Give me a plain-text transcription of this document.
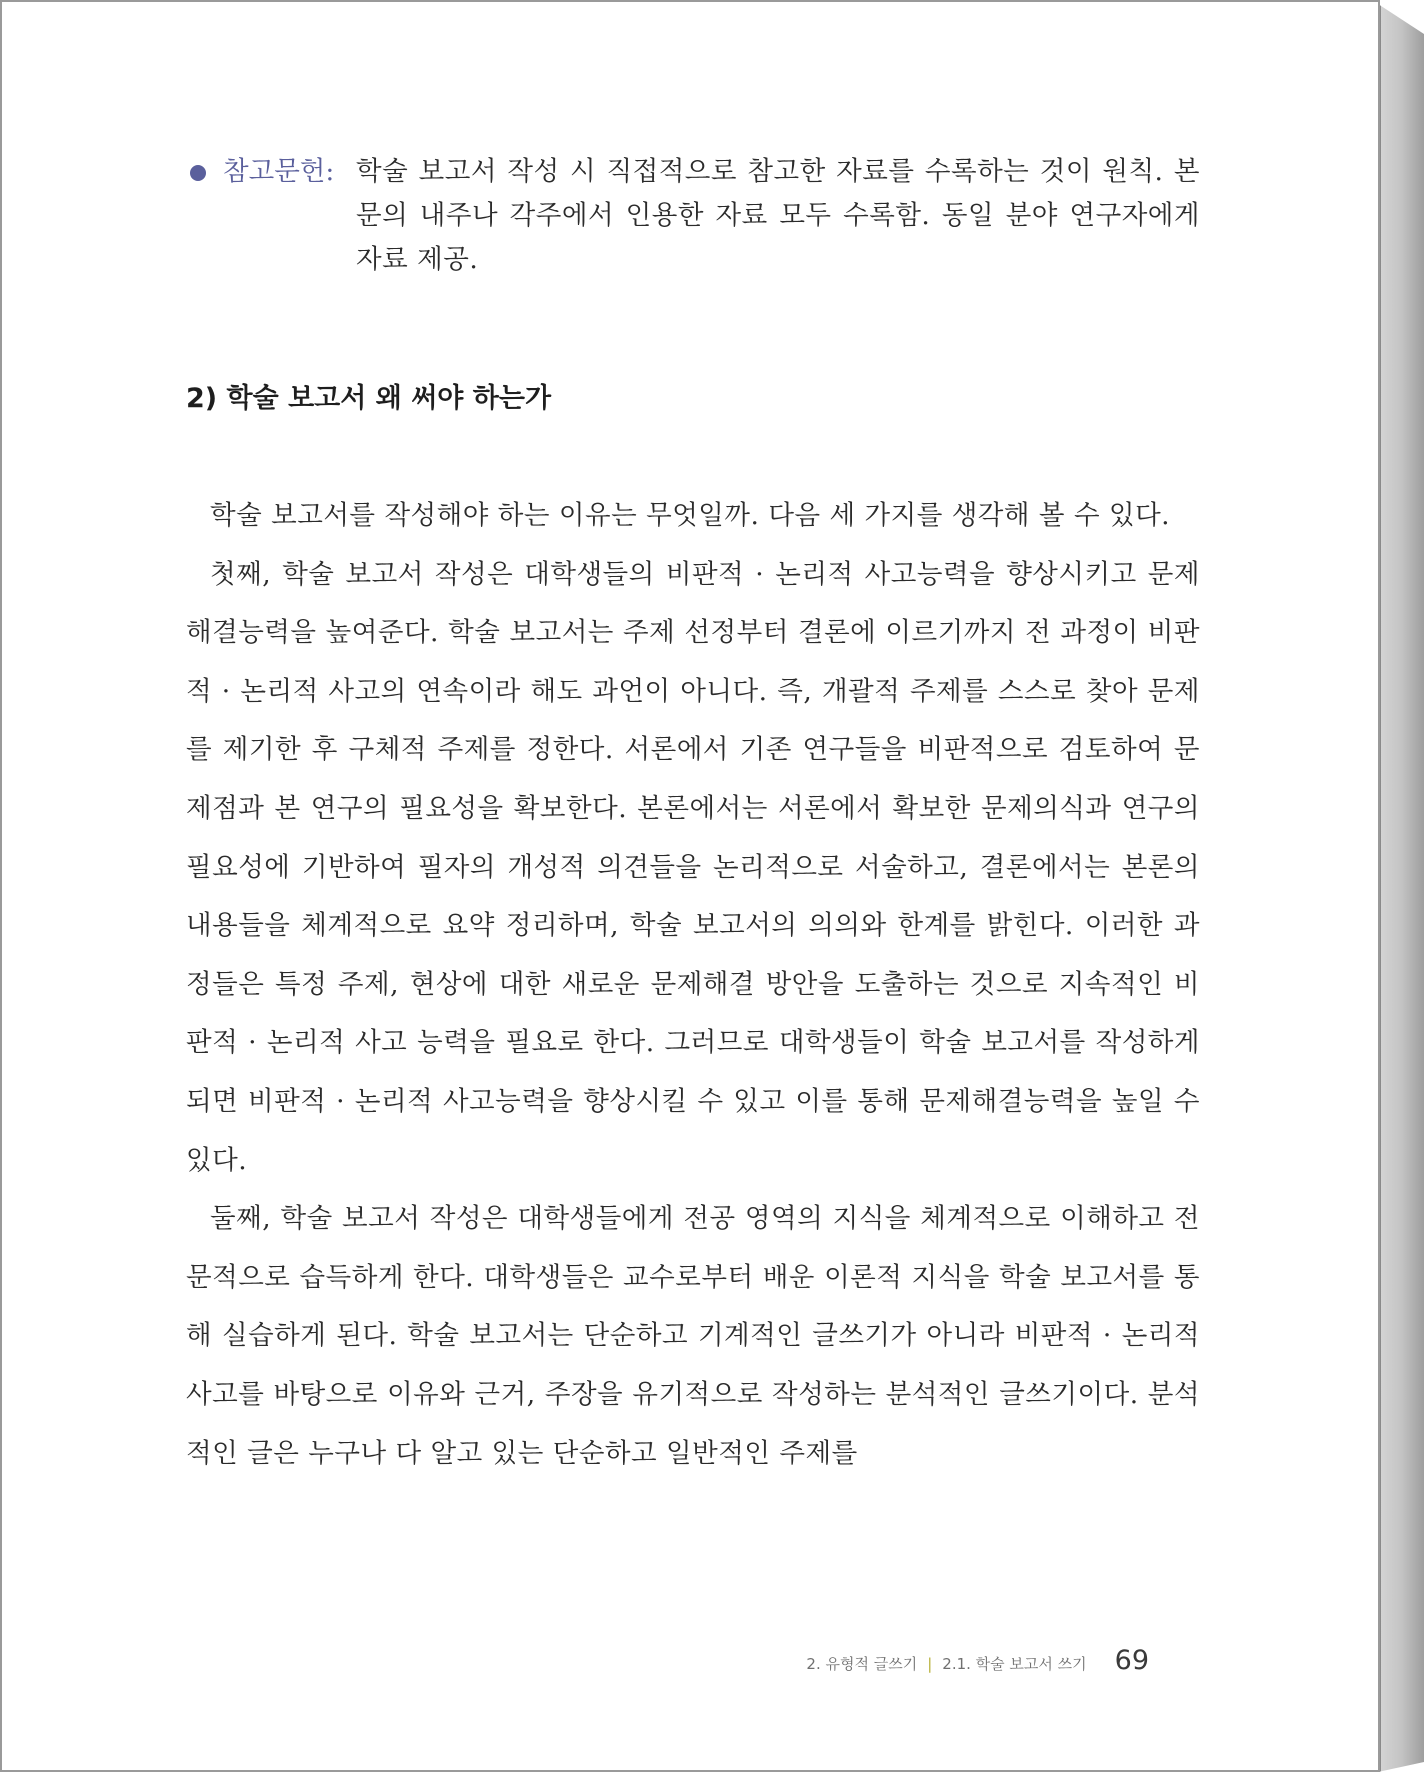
참고문헌: 학술 보고서 작성 시 직접적으로 참고한 자료를 수록하는 것이 원칙. 본문의 내주나 각주에서 인용한 자료 모두 수록함. 동일 분야 연구자에게 자료 제공.
2) 학술 보고서 왜 써야 하는가

학술 보고서를 작성해야 하는 이유는 무엇일까. 다음 세 가지를 생각해 볼 수 있다.

첫째, 학술 보고서 작성은 대학생들의 비판적 · 논리적 사고능력을 향상시키고 문제해결능력을 높여준다. 학술 보고서는 주제 선정부터 결론에 이르기까지 전 과정이 비판적 · 논리적 사고의 연속이라 해도 과언이 아니다. 즉, 개괄적 주제를 스스로 찾아 문제를 제기한 후 구체적 주제를 정한다. 서론에서 기존 연구들을 비판적으로 검토하여 문제점과 본 연구의 필요성을 확보한다. 본론에서는 서론에서 확보한 문제의식과 연구의 필요성에 기반하여 필자의 개성적 의견들을 논리적으로 서술하고, 결론에서는 본론의 내용들을 체계적으로 요약 정리하며, 학술 보고서의 의의와 한계를 밝힌다. 이러한 과정들은 특정 주제, 현상에 대한 새로운 문제해결 방안을 도출하는 것으로 지속적인 비판적 · 논리적 사고 능력을 필요로 한다. 그러므로 대학생들이 학술 보고서를 작성하게 되면 비판적 · 논리적 사고능력을 향상시킬 수 있고 이를 통해 문제해결능력을 높일 수 있다.

둘째, 학술 보고서 작성은 대학생들에게 전공 영역의 지식을 체계적으로 이해하고 전문적으로 습득하게 한다. 대학생들은 교수로부터 배운 이론적 지식을 학술 보고서를 통해 실습하게 된다. 학술 보고서는 단순하고 기계적인 글쓰기가 아니라 비판적 · 논리적 사고를 바탕으로 이유와 근거, 주장을 유기적으로 작성하는 분석적인 글쓰기이다. 분석적인 글은 누구나 다 알고 있는 단순하고 일반적인 주제를

2. 유형적 글쓰기 | 2.1. 학술 보고서 쓰기 69
